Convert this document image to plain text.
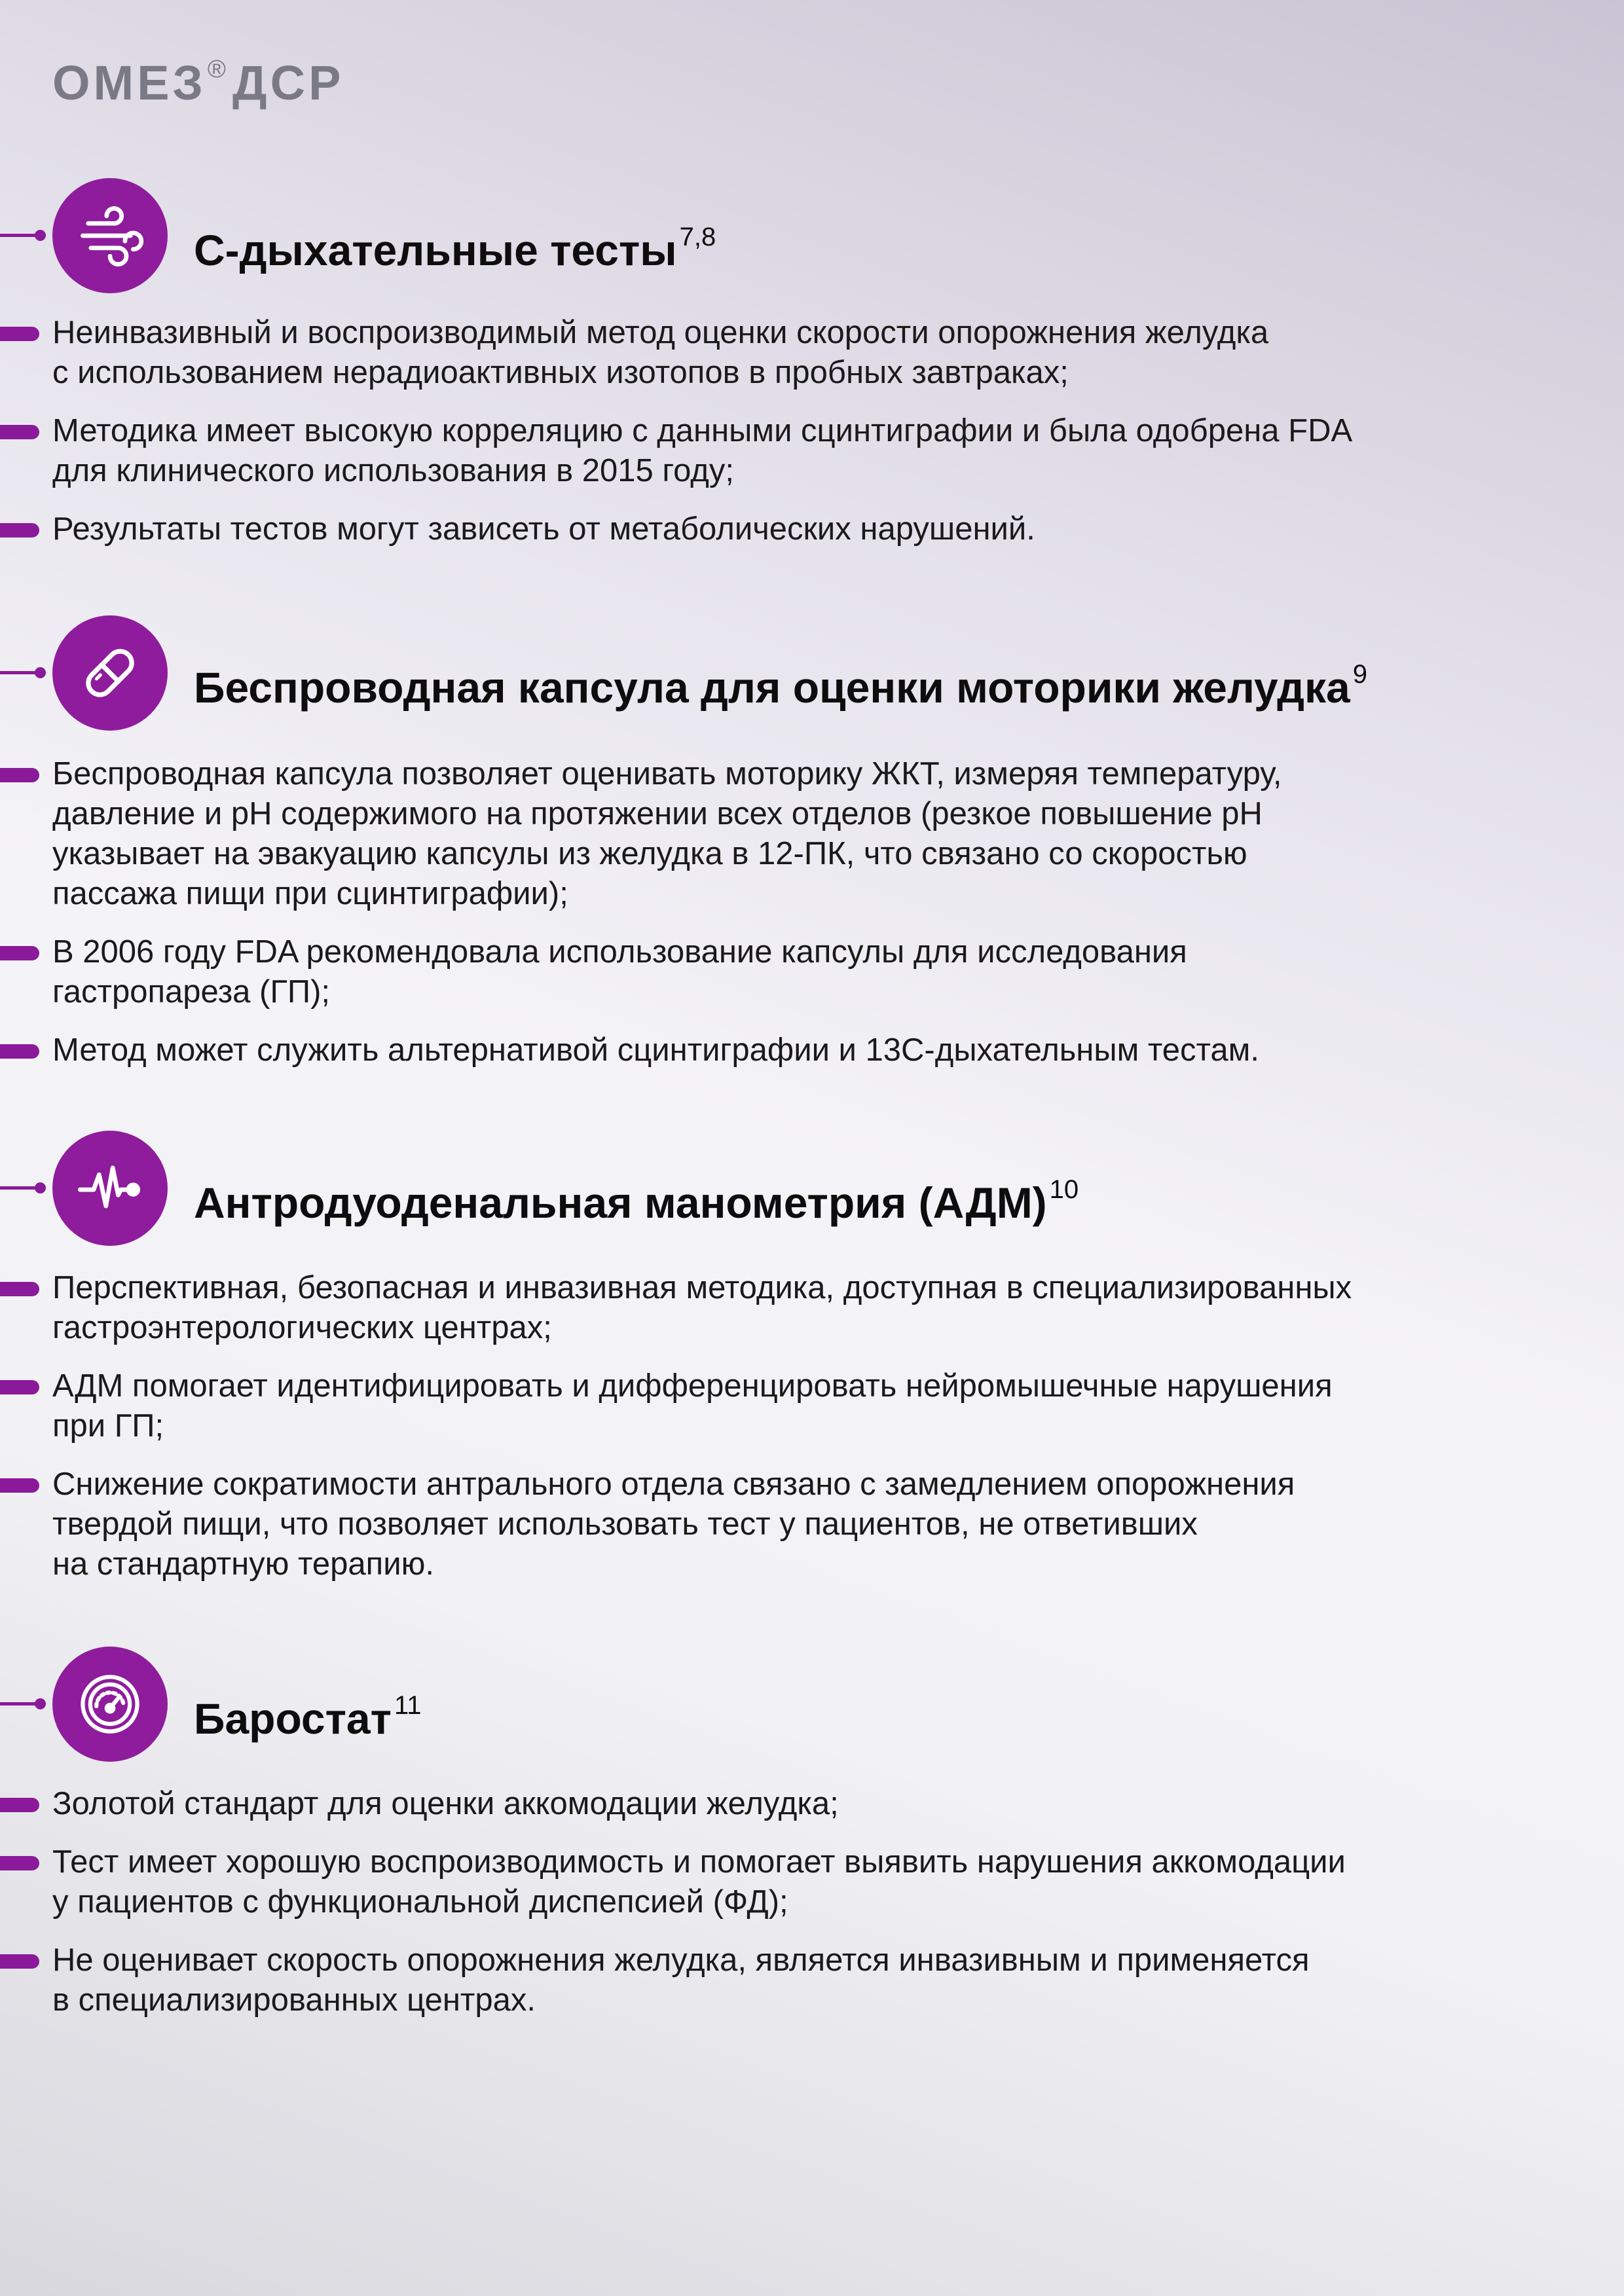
ОМЕЗ® ДСР
С-дыхательные тесты $^{7,8}$
Неинвазивный и воспроизводимый метод оценки скорости опорожнения желудка
с использованием нерадиоактивных изотопов в пробных завтраках;
Методика имеет высокую корреляцию с данными сцинтиграфии и была одобрена FDA
для клинического использования в 2015 году;
Результаты тестов могут зависеть от метаболических нарушений.
Беспроводная капсула для оценки моторики желудка $^9$
Беспроводная капсула позволяет оценивать моторику ЖКТ, измеряя температуру,
давление и pH содержимого на протяжении всех отделов (резкое повышение pH
указывает на эвакуацию капсулы из желудка в 12-ПК, что связано со скоростью
пассажа пищи при сцинтиграфии);
В 2006 году FDA рекомендовала использование капсулы для исследования
гастропареза (ГП);
Метод может служить альтернативой сцинтиграфии и 13С-дыхательным тестам.
Антродуоденальная манометрия (АДМ) $^{10}$
Перспективная, безопасная и инвазивная методика, доступная в специализированных
гастроэнтерологических центрах;
АДМ помогает идентифицировать и дифференцировать нейромышечные нарушения
при ГП;
Снижение сократимости антрального отдела связано с замедлением опорожнения
твердой пищи, что позволяет использовать тест у пациентов, не ответивших
на стандартную терапию.
Баростат $^{11}$
Золотой стандарт для оценки аккомодации желудка;
Тест имеет хорошую воспроизводимость и помогает выявить нарушения аккомодации
у пациентов с функциональной диспепсией (ФД);
Не оценивает скорость опорожнения желудка, является инвазивным и применяется
в специализированных центрах.
